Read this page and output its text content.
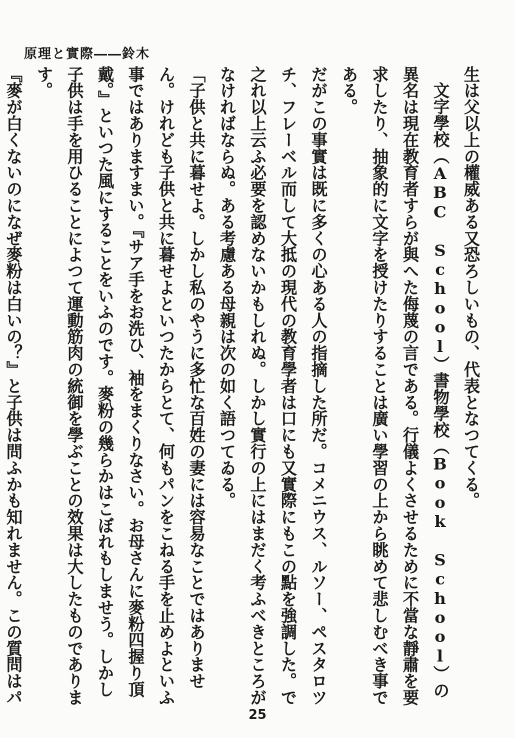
原理と實際――鈴木

生は父以上の權威ある又恐ろしいもの、代表となつてくる。

文字學校（ABC School）書物學校（Book School）の異名は現在教育者すらが與へた侮蔑の言である。行儀よくさせるために不當な靜肅を要求したり、抽象的に文字を授けたりすることは廣い學習の上から眺めて悲しむべき事である。

だがこの事實は既に多くの心ある人の指摘した所だ。コメニウス、ルソー、ペスタロツチ、フレーベル而して大抵の現代の教育學者は口にも又實際にもこの點を強調した。で之れ以上云ふ必要を認めないかもしれぬ。しかし實行の上にはまだく考ふべきところがなければならぬ。ある考慮ある母親は次の如く語つてゐる。

「子供と共に暮せよ。しかし私のやうに多忙な百姓の妻には容易なことではありません。けれども子供と共に暮せよといつたからとて、何もパンをこねる手を止めよといふ事ではありますまい。『サア手をお洗ひ、袖をまくりなさい。お母さんに麥粉四握り頂戴。』といつた風にすることをいふのです。麥粉の幾らかはこぼれもしませう。しかし子供は手を用ひることによつて運動筋肉の統御を學ぶことの效果は大したものであります。

『麥が白くないのになぜ麥粉は白いの？』と子供は問ふかも知れません。この質問はパ

25
